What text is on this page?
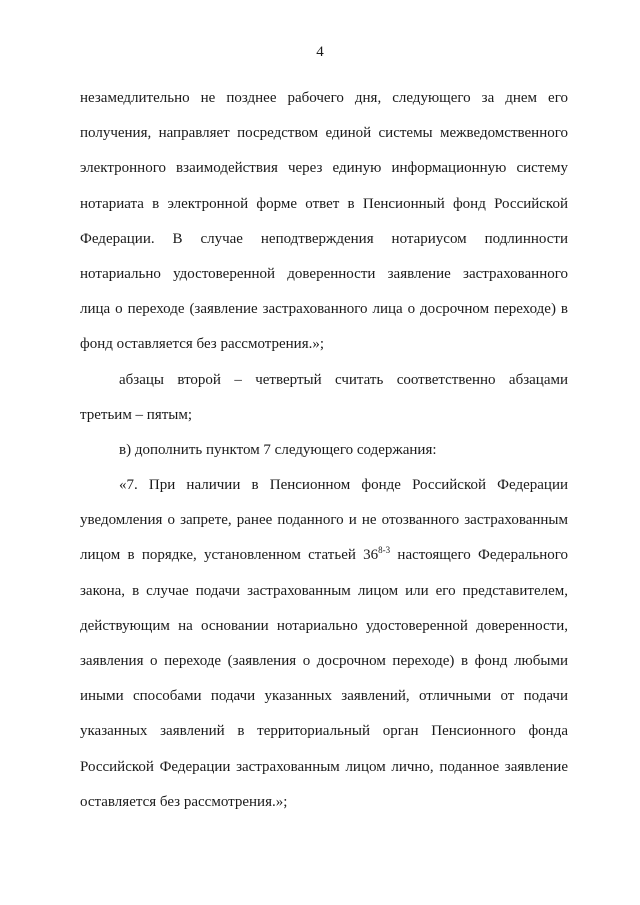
4
незамедлительно не позднее рабочего дня, следующего за днем его
получения, направляет посредством единой системы межведомственного
электронного взаимодействия через единую информационную систему
нотариата в электронной форме ответ в Пенсионный фонд Российской
Федерации. В случае неподтверждения нотариусом подлинности
нотариально удостоверенной доверенности заявление застрахованного
лица о переходе (заявление застрахованного лица о досрочном переходе) в
фонд оставляется без рассмотрения.»;
абзацы второй – четвертый считать соответственно абзацами
третьим – пятым;
в) дополнить пунктом 7 следующего содержания:
«7. При наличии в Пенсионном фонде Российской Федерации
уведомления о запрете, ранее поданного и не отозванного застрахованным
лицом в порядке, установленном статьей 36$^{8-3}$ настоящего Федерального
закона, в случае подачи застрахованным лицом или его представителем,
действующим на основании нотариально удостоверенной доверенности,
заявления о переходе (заявления о досрочном переходе) в фонд любыми
иными способами подачи указанных заявлений, отличными от подачи
указанных заявлений в территориальный орган Пенсионного фонда
Российской Федерации застрахованным лицом лично, поданное заявление
оставляется без рассмотрения.»;
